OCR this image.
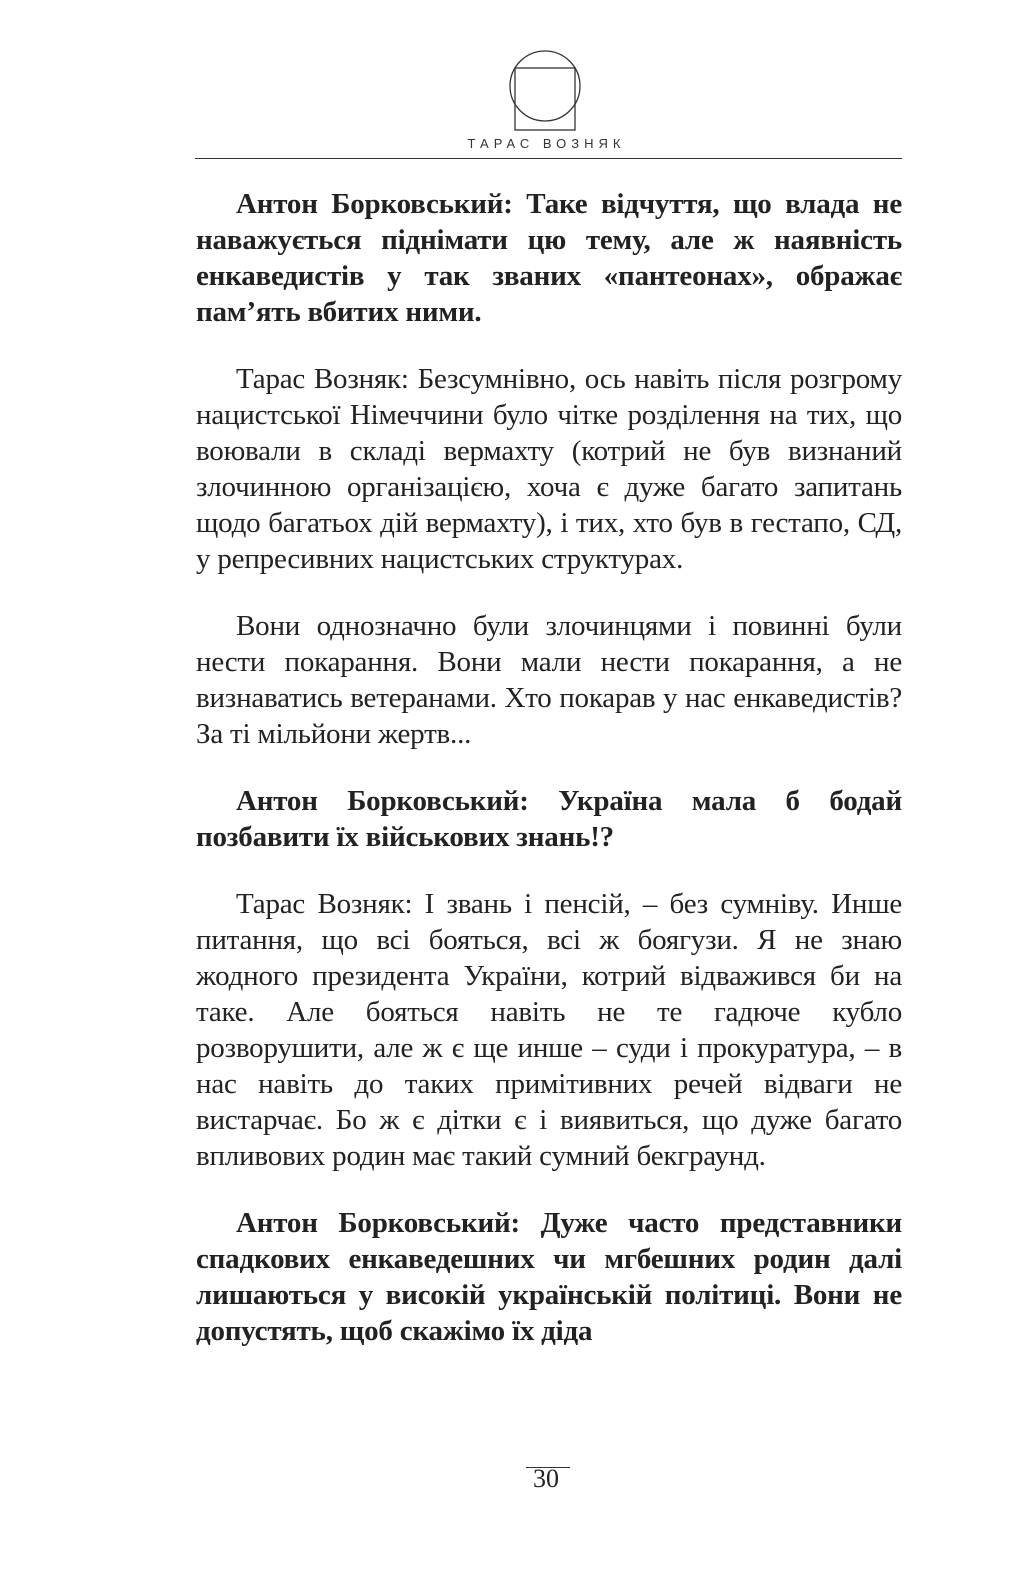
ТАРАС ВОЗНЯК

Антон Борковський: Таке відчуття, що влада не наважується піднімати цю тему, але ж наявність енкаведистів у так званих «пантеонах», ображає пам’ять вбитих ними.

Тарас Возняк: Безсумнівно, ось навіть після розгрому нацистської Німеччини було чітке розділення на тих, що воювали в складі вермахту (котрий не був визнаний злочинною організацією, хоча є дуже багато запитань щодо багатьох дій вермахту), і тих, хто був в гестапо, СД, у репресивних нацистських структурах.

Вони однозначно були злочинцями і повинні були нести покарання. Вони мали нести покарання, а не визнаватись ветеранами. Хто покарав у нас енкаведистів? За ті мільйони жертв...

Антон Борковський: Україна мала б бодай позбавити їх військових знань!?

Тарас Возняк: І звань і пенсій, – без сумніву. Инше питання, що всі бояться, всі ж боягузи. Я не знаю жодного президента України, котрий відважився би на таке. Але бояться навіть не те гадюче кубло розворушити, але ж є ще инше – суди і прокуратура, – в нас навіть до таких примітивних речей відваги не вистарчає. Бо ж є дітки є і виявиться, що дуже багато впливових родин має такий сумний бекграунд.

Антон Борковський: Дуже часто представники спадкових енкаведешних чи мгбешних родин далі лишаються у високій українській політиці. Вони не допустять, щоб скажімо їх діда

30
